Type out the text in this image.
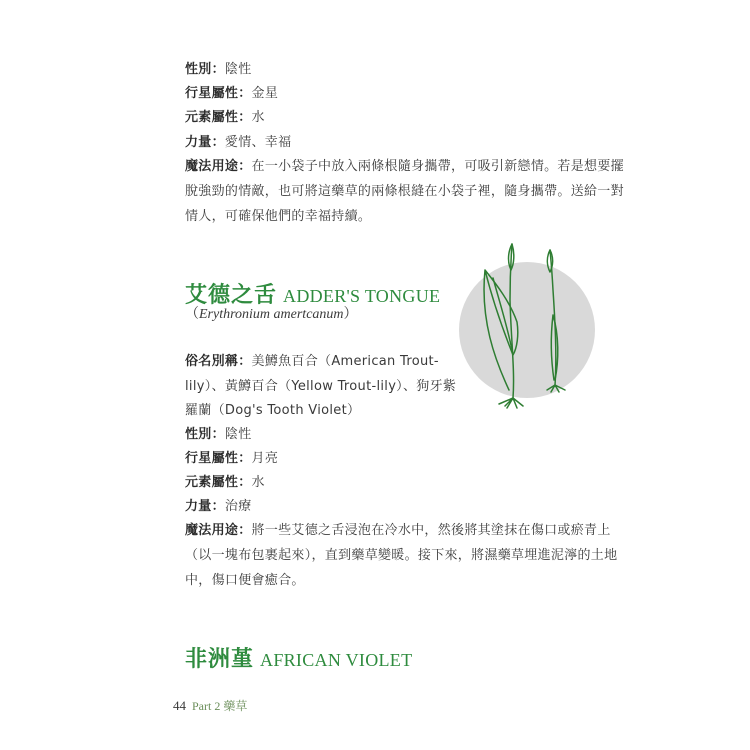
性別：陰性
行星屬性：金星
元素屬性：水
力量：愛情、幸福
魔法用途：在一小袋子中放入兩條根隨身攜帶，可吸引新戀情。若是想要擺
脫強勁的情敵，也可將這藥草的兩條根縫在小袋子裡，隨身攜帶。送給一對
情人，可確保他們的幸福持續。
艾德之舌 ADDER'S TONGUE
（Erythronium amertcanum）
俗名別稱：美鱒魚百合（American Trout-
lily）、黃鱒百合（Yellow Trout-lily）、狗牙紫
羅蘭（Dog's Tooth Violet）
性別：陰性
行星屬性：月亮
元素屬性：水
力量：治療
魔法用途：將一些艾德之舌浸泡在冷水中，然後將其塗抹在傷口或瘀青上
（以一塊布包裹起來），直到藥草變暖。接下來，將濕藥草埋進泥濘的土地
中，傷口便會癒合。
非洲堇 AFRICAN VIOLET
44 Part 2 藥草
